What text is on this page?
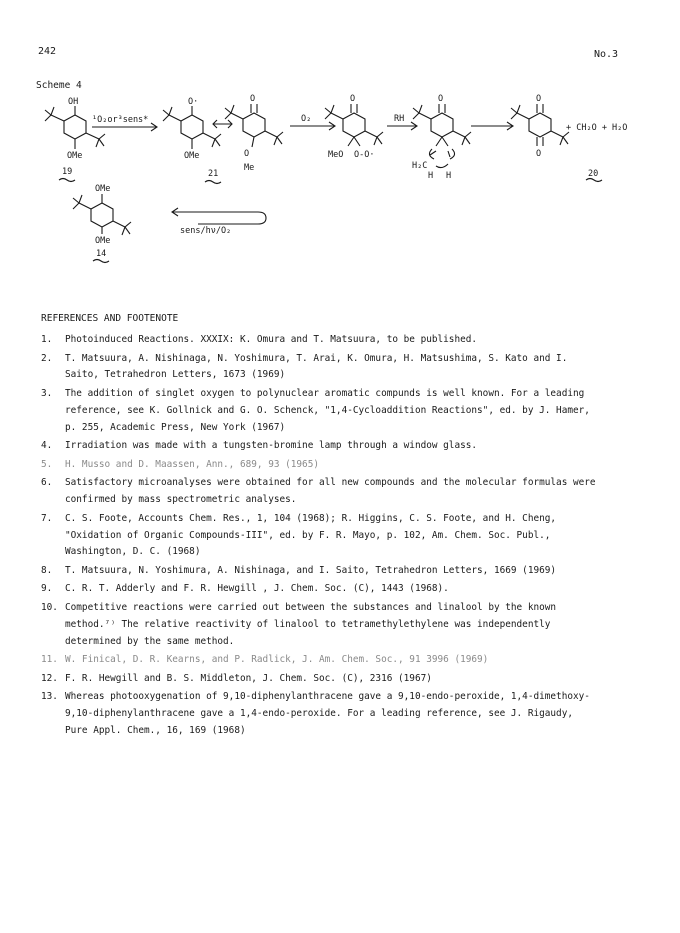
242	No.3
Scheme 4
OH
OMe
19
¹O₂or³sens*
O·
OMe
21
O
O
Me
O₂
O
MeO O-O·
RH
O
H₂C
H H
O
O
+ CH₂O + H₂O
20
OMe
OMe
14
sens/hν/O₂
REFERENCES AND FOOTENOTE
1. Photoinduced Reactions. XXXIX: K. Omura and T. Matsuura, to be published.
2. T. Matsuura, A. Nishinaga, N. Yoshimura, T. Arai, K. Omura, H. Matsushima, S. Kato and I. Saito, Tetrahedron Letters, 1673 (1969)
3. The addition of singlet oxygen to polynuclear aromatic compunds is well known. For a leading reference, see K. Gollnick and G. O. Schenck, "1,4-Cycloaddition Reactions", ed. by J. Hamer, p. 255, Academic Press, New York (1967)
4. Irradiation was made with a tungsten-bromine lamp through a window glass.
5. H. Musso and D. Maassen, Ann., 689, 93 (1965)
6. Satisfactory microanalyses were obtained for all new compounds and the molecular formulas were confirmed by mass spectrometric analyses.
7. C. S. Foote, Accounts Chem. Res., 1, 104 (1968); R. Higgins, C. S. Foote, and H. Cheng, "Oxidation of Organic Compounds-III", ed. by F. R. Mayo, p. 102, Am. Chem. Soc. Publ., Washington, D. C. (1968)
8. T. Matsuura, N. Yoshimura, A. Nishinaga, and I. Saito, Tetrahedron Letters, 1669 (1969)
9. C. R. T. Adderly and F. R. Hewgill , J. Chem. Soc. (C), 1443 (1968).
10. Competitive reactions were carried out between the substances and linalool by the known method.⁷⁾ The relative reactivity of linalool to tetramethylethylene was independently determined by the same method.
11. W. Finical, D. R. Kearns, and P. Radlick, J. Am. Chem. Soc., 91 3996 (1969)
12. F. R. Hewgill and B. S. Middleton, J. Chem. Soc. (C), 2316 (1967)
13. Whereas photooxygenation of 9,10-diphenylanthracene gave a 9,10-endo-peroxide, 1,4-dimethoxy-9,10-diphenylanthracene gave a 1,4-endo-peroxide. For a leading reference, see J. Rigaudy, Pure Appl. Chem., 16, 169 (1968)
